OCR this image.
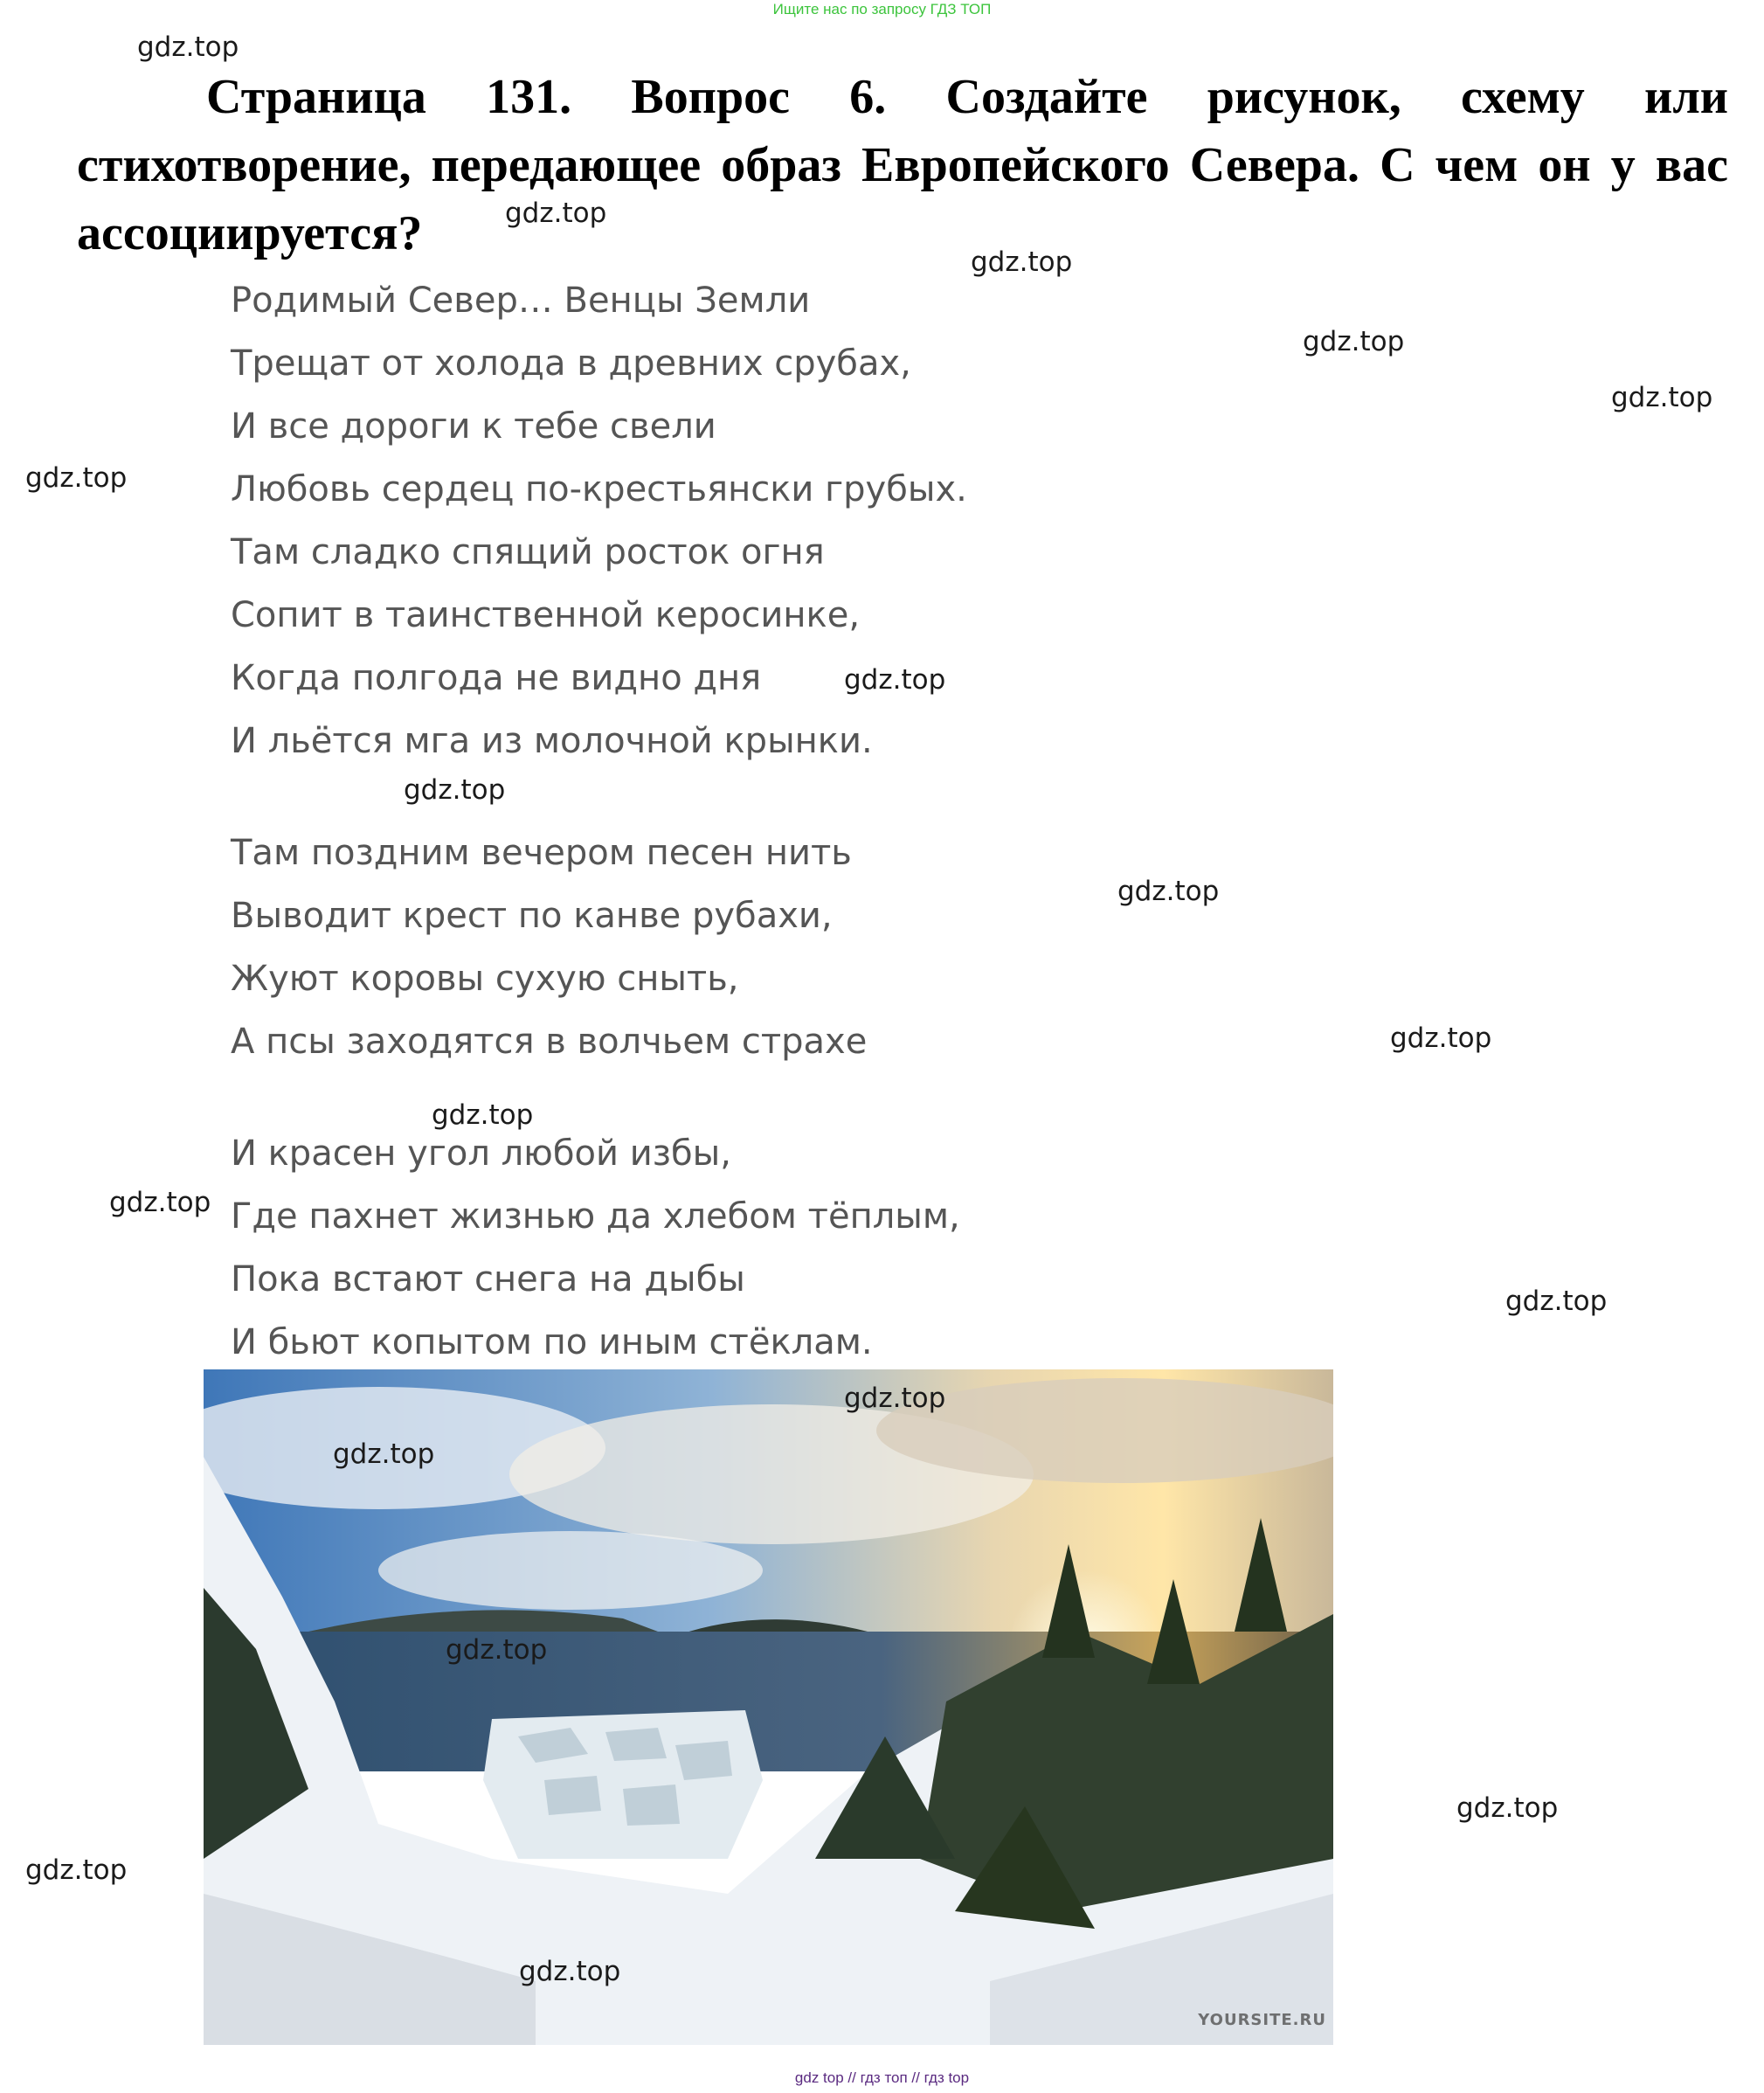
Ищите нас по запросу ГДЗ ТОП

Страница 131. Вопрос 6. Создайте рисунок, схему или стихотворение, передающее образ Европейского Севера. С чем он у вас ассоциируется?

Родимый Север… Венцы Земли
Трещат от холода в древних срубах,
И все дороги к тебе свели
Любовь сердец по-крестьянски грубых.
Там сладко спящий росток огня
Сопит в таинственной керосинке,
Когда полгода не видно дня
И льётся мга из молочной крынки.
Там поздним вечером песен нить
Выводит крест по канве рубахи,
Жуют коровы сухую сныть,
А псы заходятся в волчьем страхе
И красен угол любой избы,
Где пахнет жизнью да хлебом тёплым,
Пока встают снега на дыбы
И бьют копытом по иным стёклам.
YOURSITE.RU
gdz.top
gdz.top
gdz.top
gdz.top
gdz.top
gdz.top
gdz.top
gdz.top
gdz.top
gdz.top
gdz.top
gdz.top
gdz.top
gdz.top
gdz.top
gdz.top
gdz.top
gdz.top
gdz.top
gdz top // гдз топ // гдз top
